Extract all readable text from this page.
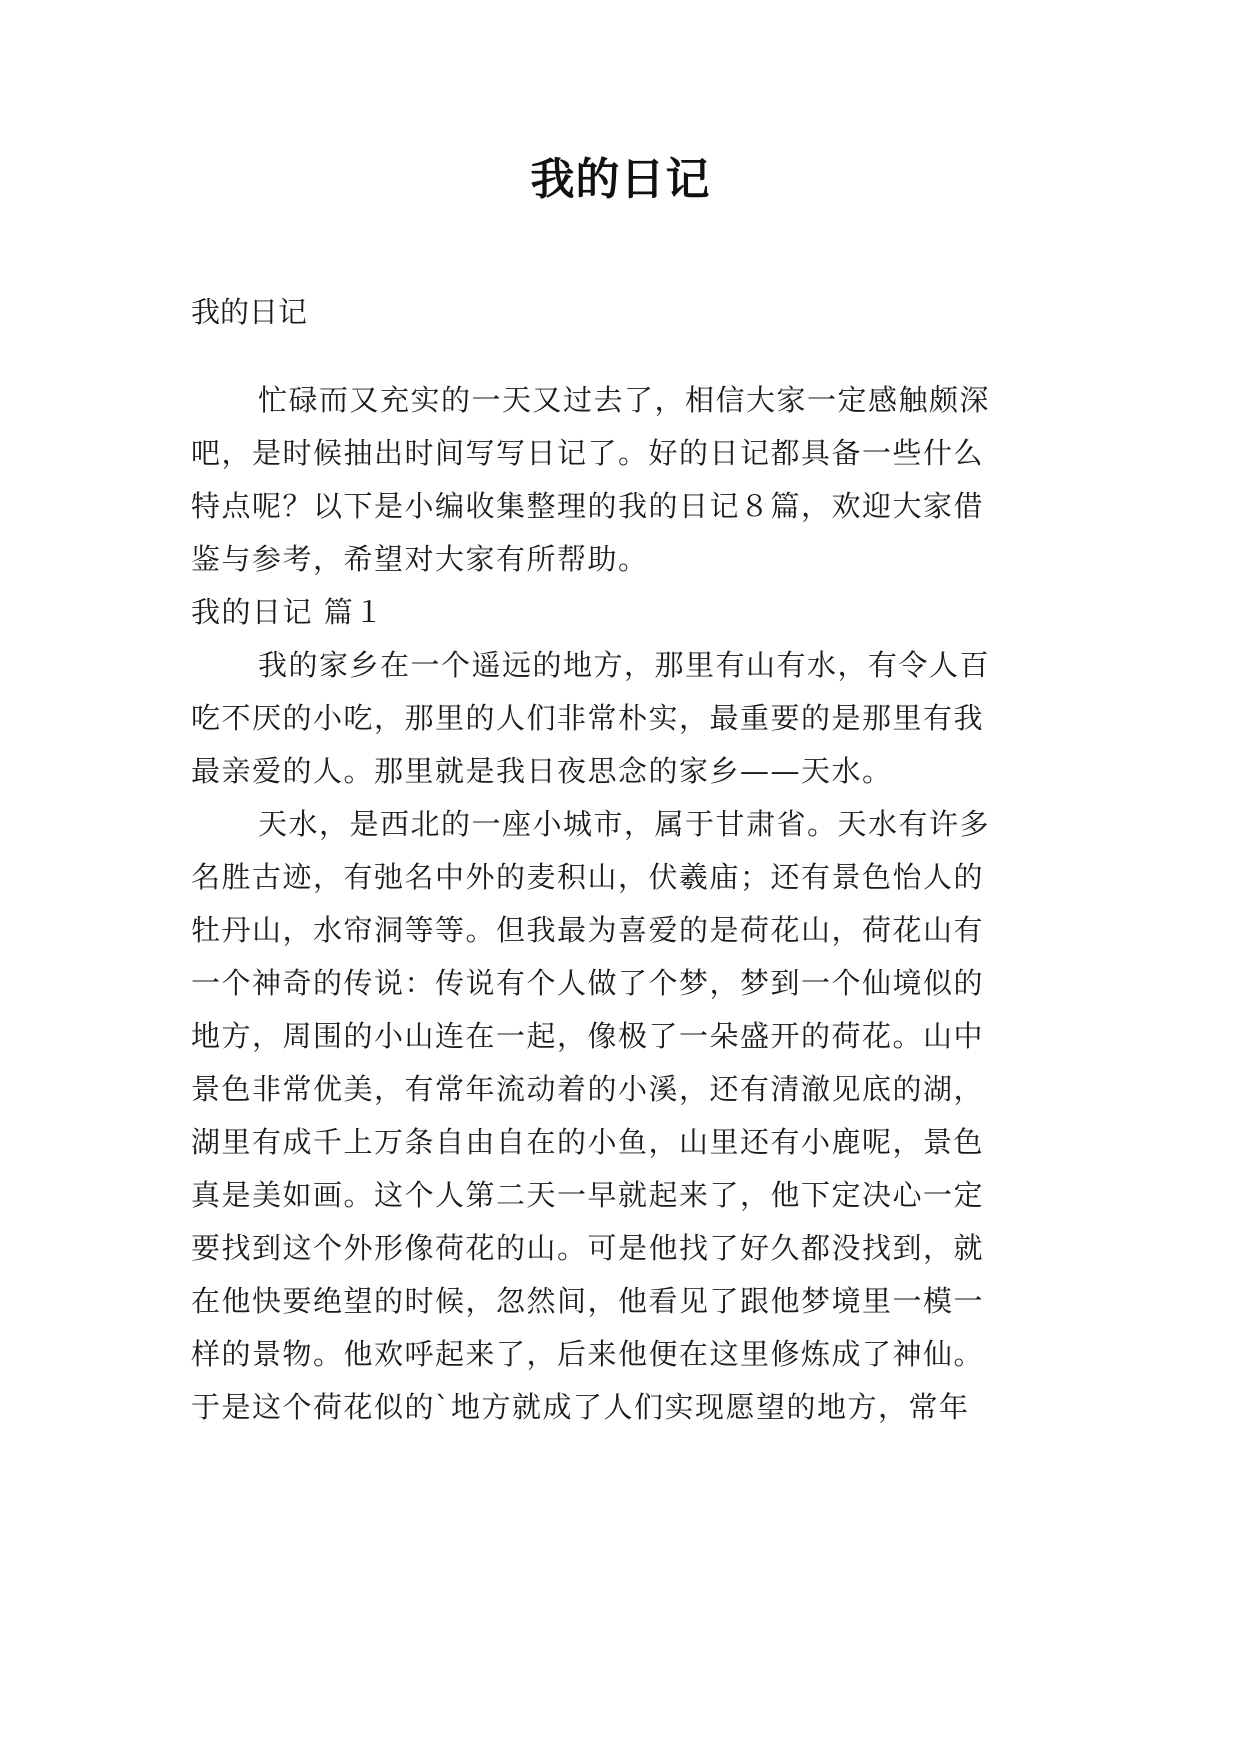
我的日记
我的日记
忙碌而又充实的一天又过去了，相信大家一定感触颇深
吧，是时候抽出时间写写日记了。好的日记都具备一些什么
特点呢？以下是小编收集整理的我的日记８篇，欢迎大家借
鉴与参考，希望对大家有所帮助。
我的日记 篇１
我的家乡在一个遥远的地方，那里有山有水，有令人百
吃不厌的小吃，那里的人们非常朴实，最重要的是那里有我
最亲爱的人。那里就是我日夜思念的家乡——天水。
天水，是西北的一座小城市，属于甘肃省。天水有许多
名胜古迹，有弛名中外的麦积山，伏羲庙；还有景色怡人的
牡丹山，水帘洞等等。但我最为喜爱的是荷花山，荷花山有
一个神奇的传说：传说有个人做了个梦，梦到一个仙境似的
地方，周围的小山连在一起，像极了一朵盛开的荷花。山中
景色非常优美，有常年流动着的小溪，还有清澈见底的湖，
湖里有成千上万条自由自在的小鱼，山里还有小鹿呢，景色
真是美如画。这个人第二天一早就起来了，他下定决心一定
要找到这个外形像荷花的山。可是他找了好久都没找到，就
在他快要绝望的时候，忽然间，他看见了跟他梦境里一模一
样的景物。他欢呼起来了，后来他便在这里修炼成了神仙。
于是这个荷花似的`地方就成了人们实现愿望的地方，常年
